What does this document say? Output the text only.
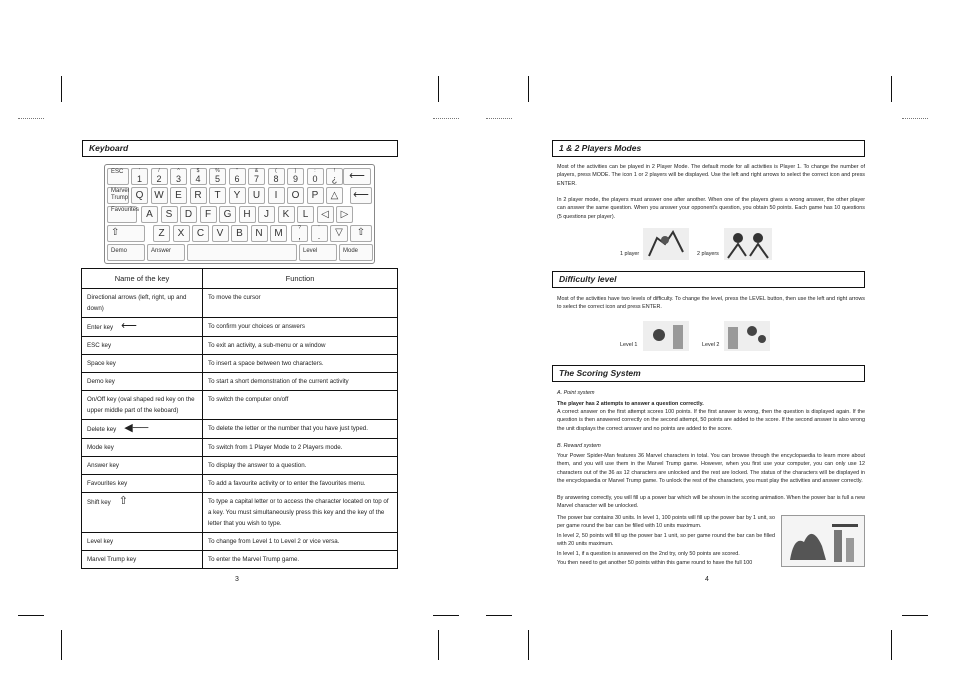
Keyboard
ESC	'
1
/
2
^
3
$
4
%
5
"
6
&
7
(
8
)
9
:
0
!
¿	⟵
Marvel Trump Q	W	E	R	T	Y	U	I	O	P	△	⟵
Favourites A	S	D	F	G	H	J	K	L	◁	▷
⇧	Z	X	C	V	B	N	M	?
,
'
.	▽	⇧
Demo	Answer	Level	Mode
Name of the key	Function
Directional arrows (left, right, up and down)	To move the cursor
Enter key ⟵	To confirm your choices or answers
ESC key	To exit an activity, a sub-menu or a window
Space key	To insert a space between two characters.
Demo key	To start a short demonstration of the current activity
On/Off key (oval shaped red key on the upper middle part of the keboard)	To switch the computer on/off
Delete key ◀──	To delete the letter or the number that you have just typed.
Mode key	To switch from 1 Player Mode to 2 Players mode.
Answer key	To display the answer to a question.
Favourites key	To add a favourite activity or to enter the favourites menu.
Shift key ⇧	To type a capital letter or to access the character located on top of a key. You must simultaneously press this key and the key of the letter that you wish to type.
Level key	To change from Level 1 to Level 2 or vice versa.
Marvel Trump key	To enter the Marvel Trump game.
3
1 & 2 Players Modes
Most of the activities can be played in 2 Player Mode. The default mode for all activities is Player 1. To change the number of players, press MODE. The icon 1 or 2 players will be displayed. Use the left and right arrows to select the correct icon and press ENTER.
In 2 player mode, the players must answer one after another. When one of the players gives a wrong answer, the other player can answer the same question. When you answer your opponent's question, you obtain 50 points. Each game has 10 questions (5 questions per player).
1 player	2 players
Difficulty level
Most of the activities have two levels of difficulty. To change the level, press the LEVEL button, then use the left and right arrows to select the correct icon and press ENTER.
Level 1	Level 2
The Scoring System
A. Point system
The player has 2 attempts to answer a question correctly.
A correct answer on the first attempt scores 100 points. If the first answer is wrong, then the question is displayed again. If the question is then answered correctly on the second attempt, 50 points are added to the score. If the second answer is also wrong the unit displays the correct answer and no points are added to the score.
B. Reward system
Your Power Spider-Man features 36 Marvel characters in total. You can browse through the encyclopaedia to learn more about them, and you will use them in the Marvel Trump game. However, when you first use your computer, you can only use 12 characters out of the 36 as 12 characters are unlocked and the rest are locked. The status of the characters will be displayed in the encyclopaedia or Marvel Trump game. To unlock the rest of the characters, you must play the activities and answer correctly.
By answering correctly, you will fill up a power bar which will be shown in the scoring animation. When the power bar is full a new Marvel character will be unlocked.
The power bar contains 30 units. In level 1, 100 points will fill up the power bar by 1 unit, so per game round the bar can be filled with 10 units maximum.
In level 2, 50 points will fill up the power bar 1 unit, so per game round the bar can be filled with 20 units maximum.
In level 1, if a question is answered on the 2nd try, only 50 points are scored.
You then need to get another 50 points within this game round to have the full 100
4
